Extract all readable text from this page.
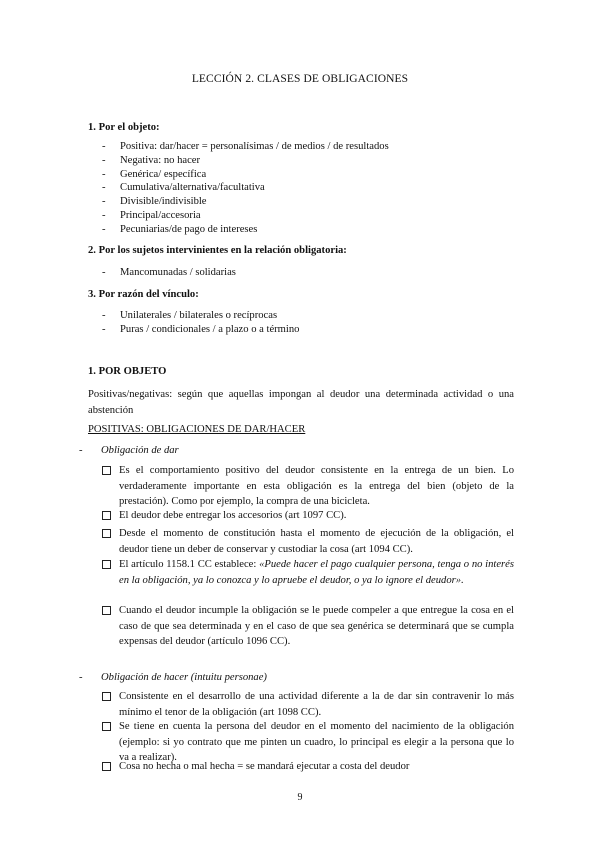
LECCIÓN 2. CLASES DE OBLIGACIONES
1. Por el objeto:
-	Positiva: dar/hacer = personalísimas / de medios / de resultados
-	Negativa: no hacer
-	Genérica/ específica
-	Cumulativa/alternativa/facultativa
-	Divisible/indivisible
-	Principal/accesoria
-	Pecuniarias/de pago de intereses
2. Por los sujetos intervinientes en la relación obligatoria:
-	Mancomunadas / solidarias
3. Por razón del vínculo:
-	Unilaterales / bilaterales o recíprocas
-	Puras / condicionales / a plazo o a término
1. POR OBJETO
Positivas/negativas: según que aquellas impongan al deudor una determinada actividad o una abstención
POSITIVAS: OBLIGACIONES DE DAR/HACER
-	Obligación de dar
Es el comportamiento positivo del deudor consistente en la entrega de un bien. Lo verdaderamente importante en esta obligación es la entrega del bien (objeto de la prestación). Como por ejemplo, la compra de una bicicleta.
El deudor debe entregar los accesorios (art 1097 CC).
Desde el momento de constitución hasta el momento de ejecución de la obligación, el deudor tiene un deber de conservar y custodiar la cosa (art 1094 CC).
El artículo 1158.1 CC establece: «Puede hacer el pago cualquier persona, tenga o no interés en la obligación, ya lo conozca y lo apruebe el deudor, o ya lo ignore el deudor».
Cuando el deudor incumple la obligación se le puede compeler a que entregue la cosa en el caso de que sea determinada y en el caso de que sea genérica se determinará que se cumpla expensas del deudor (artículo 1096 CC).
-	Obligación de hacer (intuitu personae)
Consistente en el desarrollo de una actividad diferente a la de dar sin contravenir lo más mínimo el tenor de la obligación (art 1098 CC).
Se tiene en cuenta la persona del deudor en el momento del nacimiento de la obligación (ejemplo: si yo contrato que me pinten un cuadro, lo principal es elegir a la persona que lo va a realizar).
Cosa no hecha o mal hecha = se mandará ejecutar a costa del deudor
9
